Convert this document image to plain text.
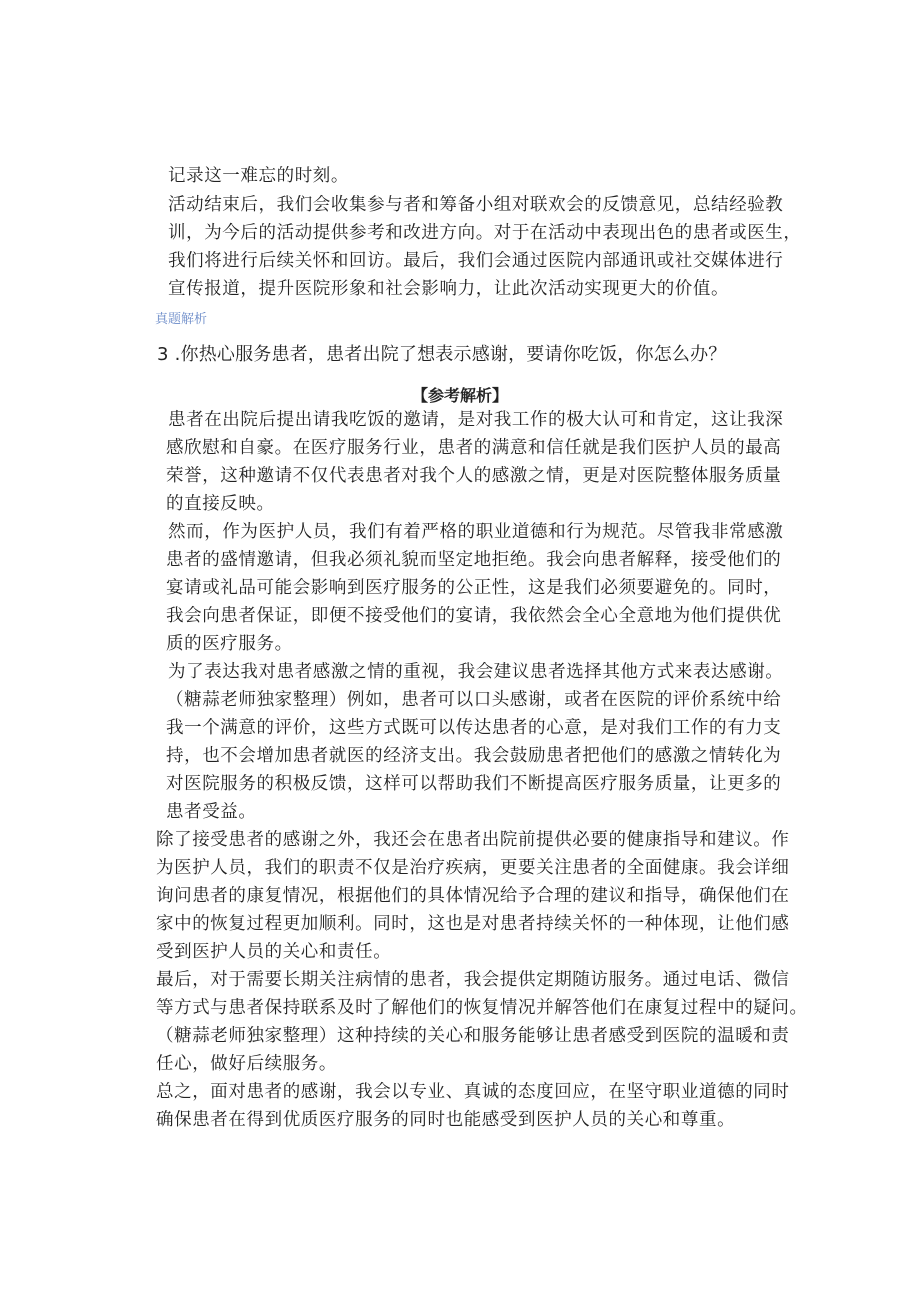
记录这一难忘的时刻。
活动结束后，我们会收集参与者和筹备小组对联欢会的反馈意见，总结经验教
训，为今后的活动提供参考和改进方向。对于在活动中表现出色的患者或医生，
我们将进行后续关怀和回访。最后，我们会通过医院内部通讯或社交媒体进行
宣传报道，提升医院形象和社会影响力，让此次活动实现更大的价值。
真题解析
3 .你热心服务患者，患者出院了想表示感谢，要请你吃饭，你怎么办？
【参考解析】
患者在出院后提出请我吃饭的邀请，是对我工作的极大认可和肯定，这让我深
感欣慰和自豪。在医疗服务行业，患者的满意和信任就是我们医护人员的最高
荣誉，这种邀请不仅代表患者对我个人的感激之情，更是对医院整体服务质量
的直接反映。
然而，作为医护人员，我们有着严格的职业道德和行为规范。尽管我非常感激
患者的盛情邀请，但我必须礼貌而坚定地拒绝。我会向患者解释，接受他们的
宴请或礼品可能会影响到医疗服务的公正性，这是我们必须要避免的。同时，
我会向患者保证，即便不接受他们的宴请，我依然会全心全意地为他们提供优
质的医疗服务。
为了表达我对患者感激之情的重视，我会建议患者选择其他方式来表达感谢。
（糖蒜老师独家整理）例如，患者可以口头感谢，或者在医院的评价系统中给
我一个满意的评价，这些方式既可以传达患者的心意，是对我们工作的有力支
持，也不会增加患者就医的经济支出。我会鼓励患者把他们的感激之情转化为
对医院服务的积极反馈，这样可以帮助我们不断提高医疗服务质量，让更多的
患者受益。
除了接受患者的感谢之外，我还会在患者出院前提供必要的健康指导和建议。作
为医护人员，我们的职责不仅是治疗疾病，更要关注患者的全面健康。我会详细
询问患者的康复情况，根据他们的具体情况给予合理的建议和指导，确保他们在
家中的恢复过程更加顺利。同时，这也是对患者持续关怀的一种体现，让他们感
受到医护人员的关心和责任。
最后，对于需要长期关注病情的患者，我会提供定期随访服务。通过电话、微信
等方式与患者保持联系及时了解他们的恢复情况并解答他们在康复过程中的疑问。
（糖蒜老师独家整理）这种持续的关心和服务能够让患者感受到医院的温暖和责
任心，做好后续服务。
总之，面对患者的感谢，我会以专业、真诚的态度回应，在坚守职业道德的同时
确保患者在得到优质医疗服务的同时也能感受到医护人员的关心和尊重。
